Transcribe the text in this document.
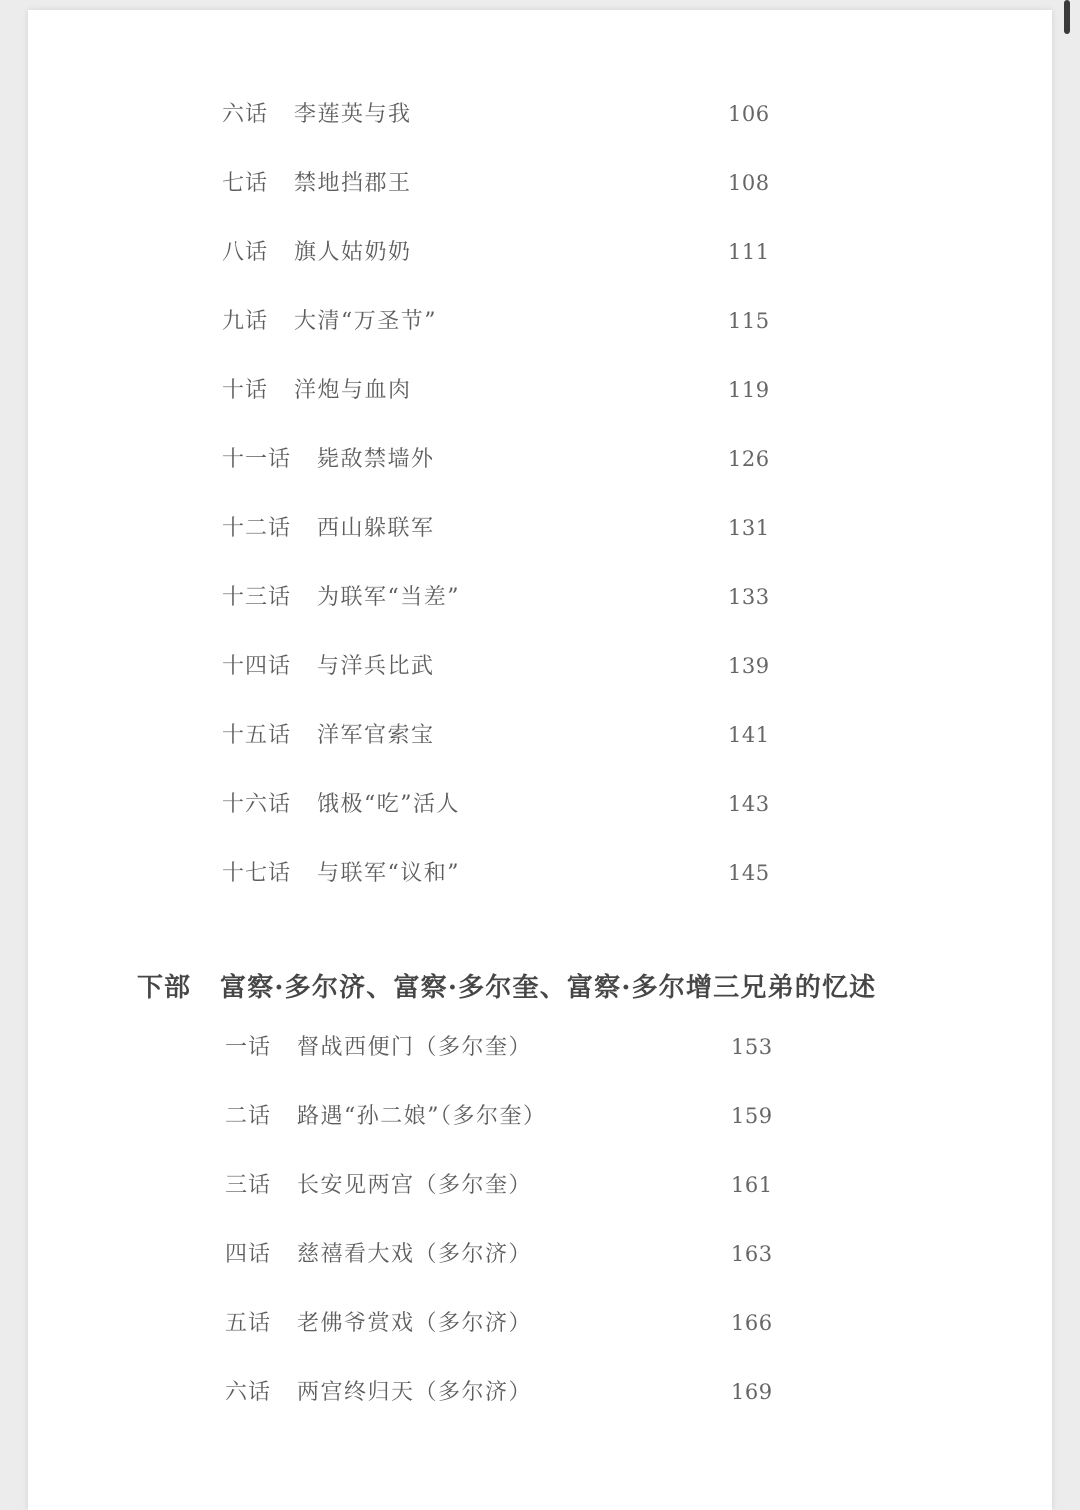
六话 李莲英与我	106
七话 禁地挡郡王	108
八话 旗人姑奶奶	111
九话 大清“万圣节”	115
十话 洋炮与血肉	119
十一话 毙敌禁墙外	126
十二话 西山躲联军	131
十三话 为联军“当差”	133
十四话 与洋兵比武	139
十五话 洋军官索宝	141
十六话 饿极“吃”活人	143
十七话 与联军“议和”	145
下部 富察·多尔济、富察·多尔奎、富察·多尔增三兄弟的忆述
一话 督战西便门（多尔奎）	153
二话 路遇“孙二娘”（多尔奎）	159
三话 长安见两宫（多尔奎）	161
四话 慈禧看大戏（多尔济）	163
五话 老佛爷赏戏（多尔济）	166
六话 两宫终归天（多尔济）	169
